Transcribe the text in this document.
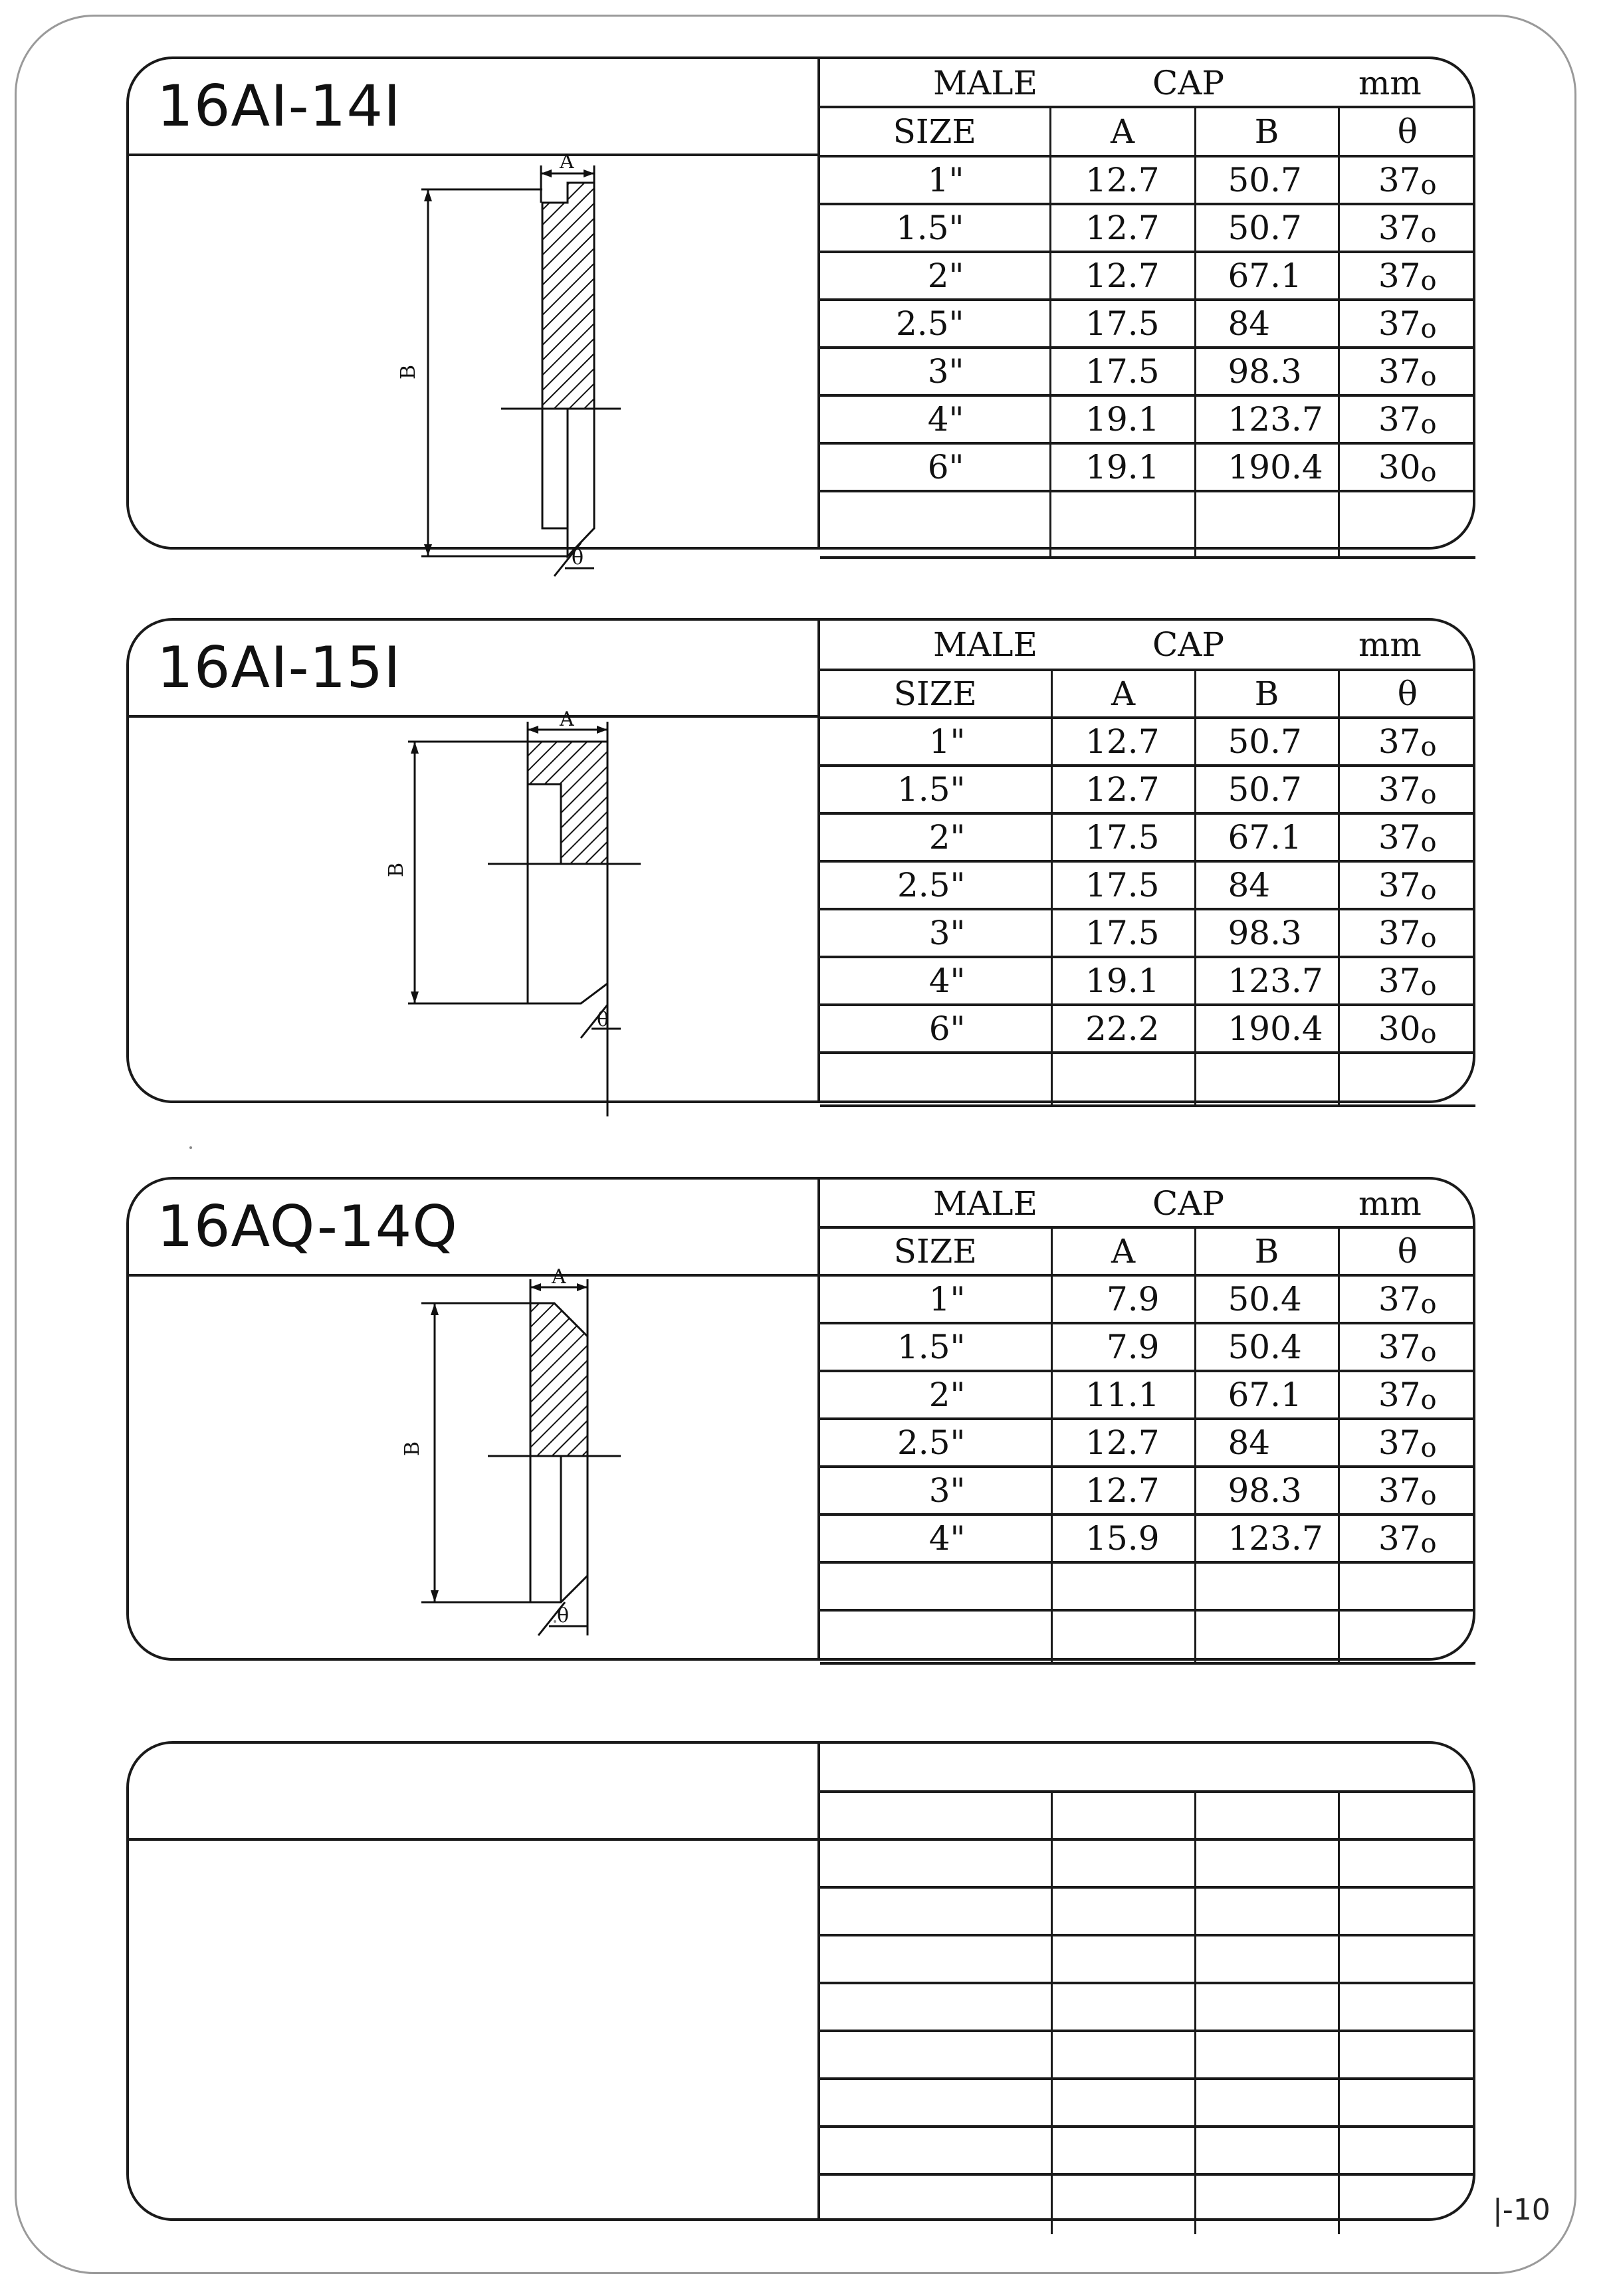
16AI-14I
A
B
θ
MALE CAP mm			

SIZE	A	B	θ
1"	12.7	50.7	37o
1.5"	12.7	50.7	37o
2"	12.7	67.1	37o
2.5"	17.5	84	37o
3"	17.5	98.3	37o
4"	19.1	123.7	37o
6"	19.1	190.4	30o

16AI-15I
A
B
θ
MALE CAP mm			

SIZE	A	B	θ
1"	12.7	50.7	37o
1.5"	12.7	50.7	37o
2"	17.5	67.1	37o
2.5"	17.5	84	37o
3"	17.5	98.3	37o
4"	19.1	123.7	37o
6"	22.2	190.4	30o

16AQ-14Q
A
B
θ
MALE CAP mm			

SIZE	A	B	θ
1"	7.9	50.4	37o
1.5"	7.9	50.4	37o
2"	11.1	67.1	37o
2.5"	12.7	84	37o
3"	12.7	98.3	37o
4"	15.9	123.7	37o

|-10
